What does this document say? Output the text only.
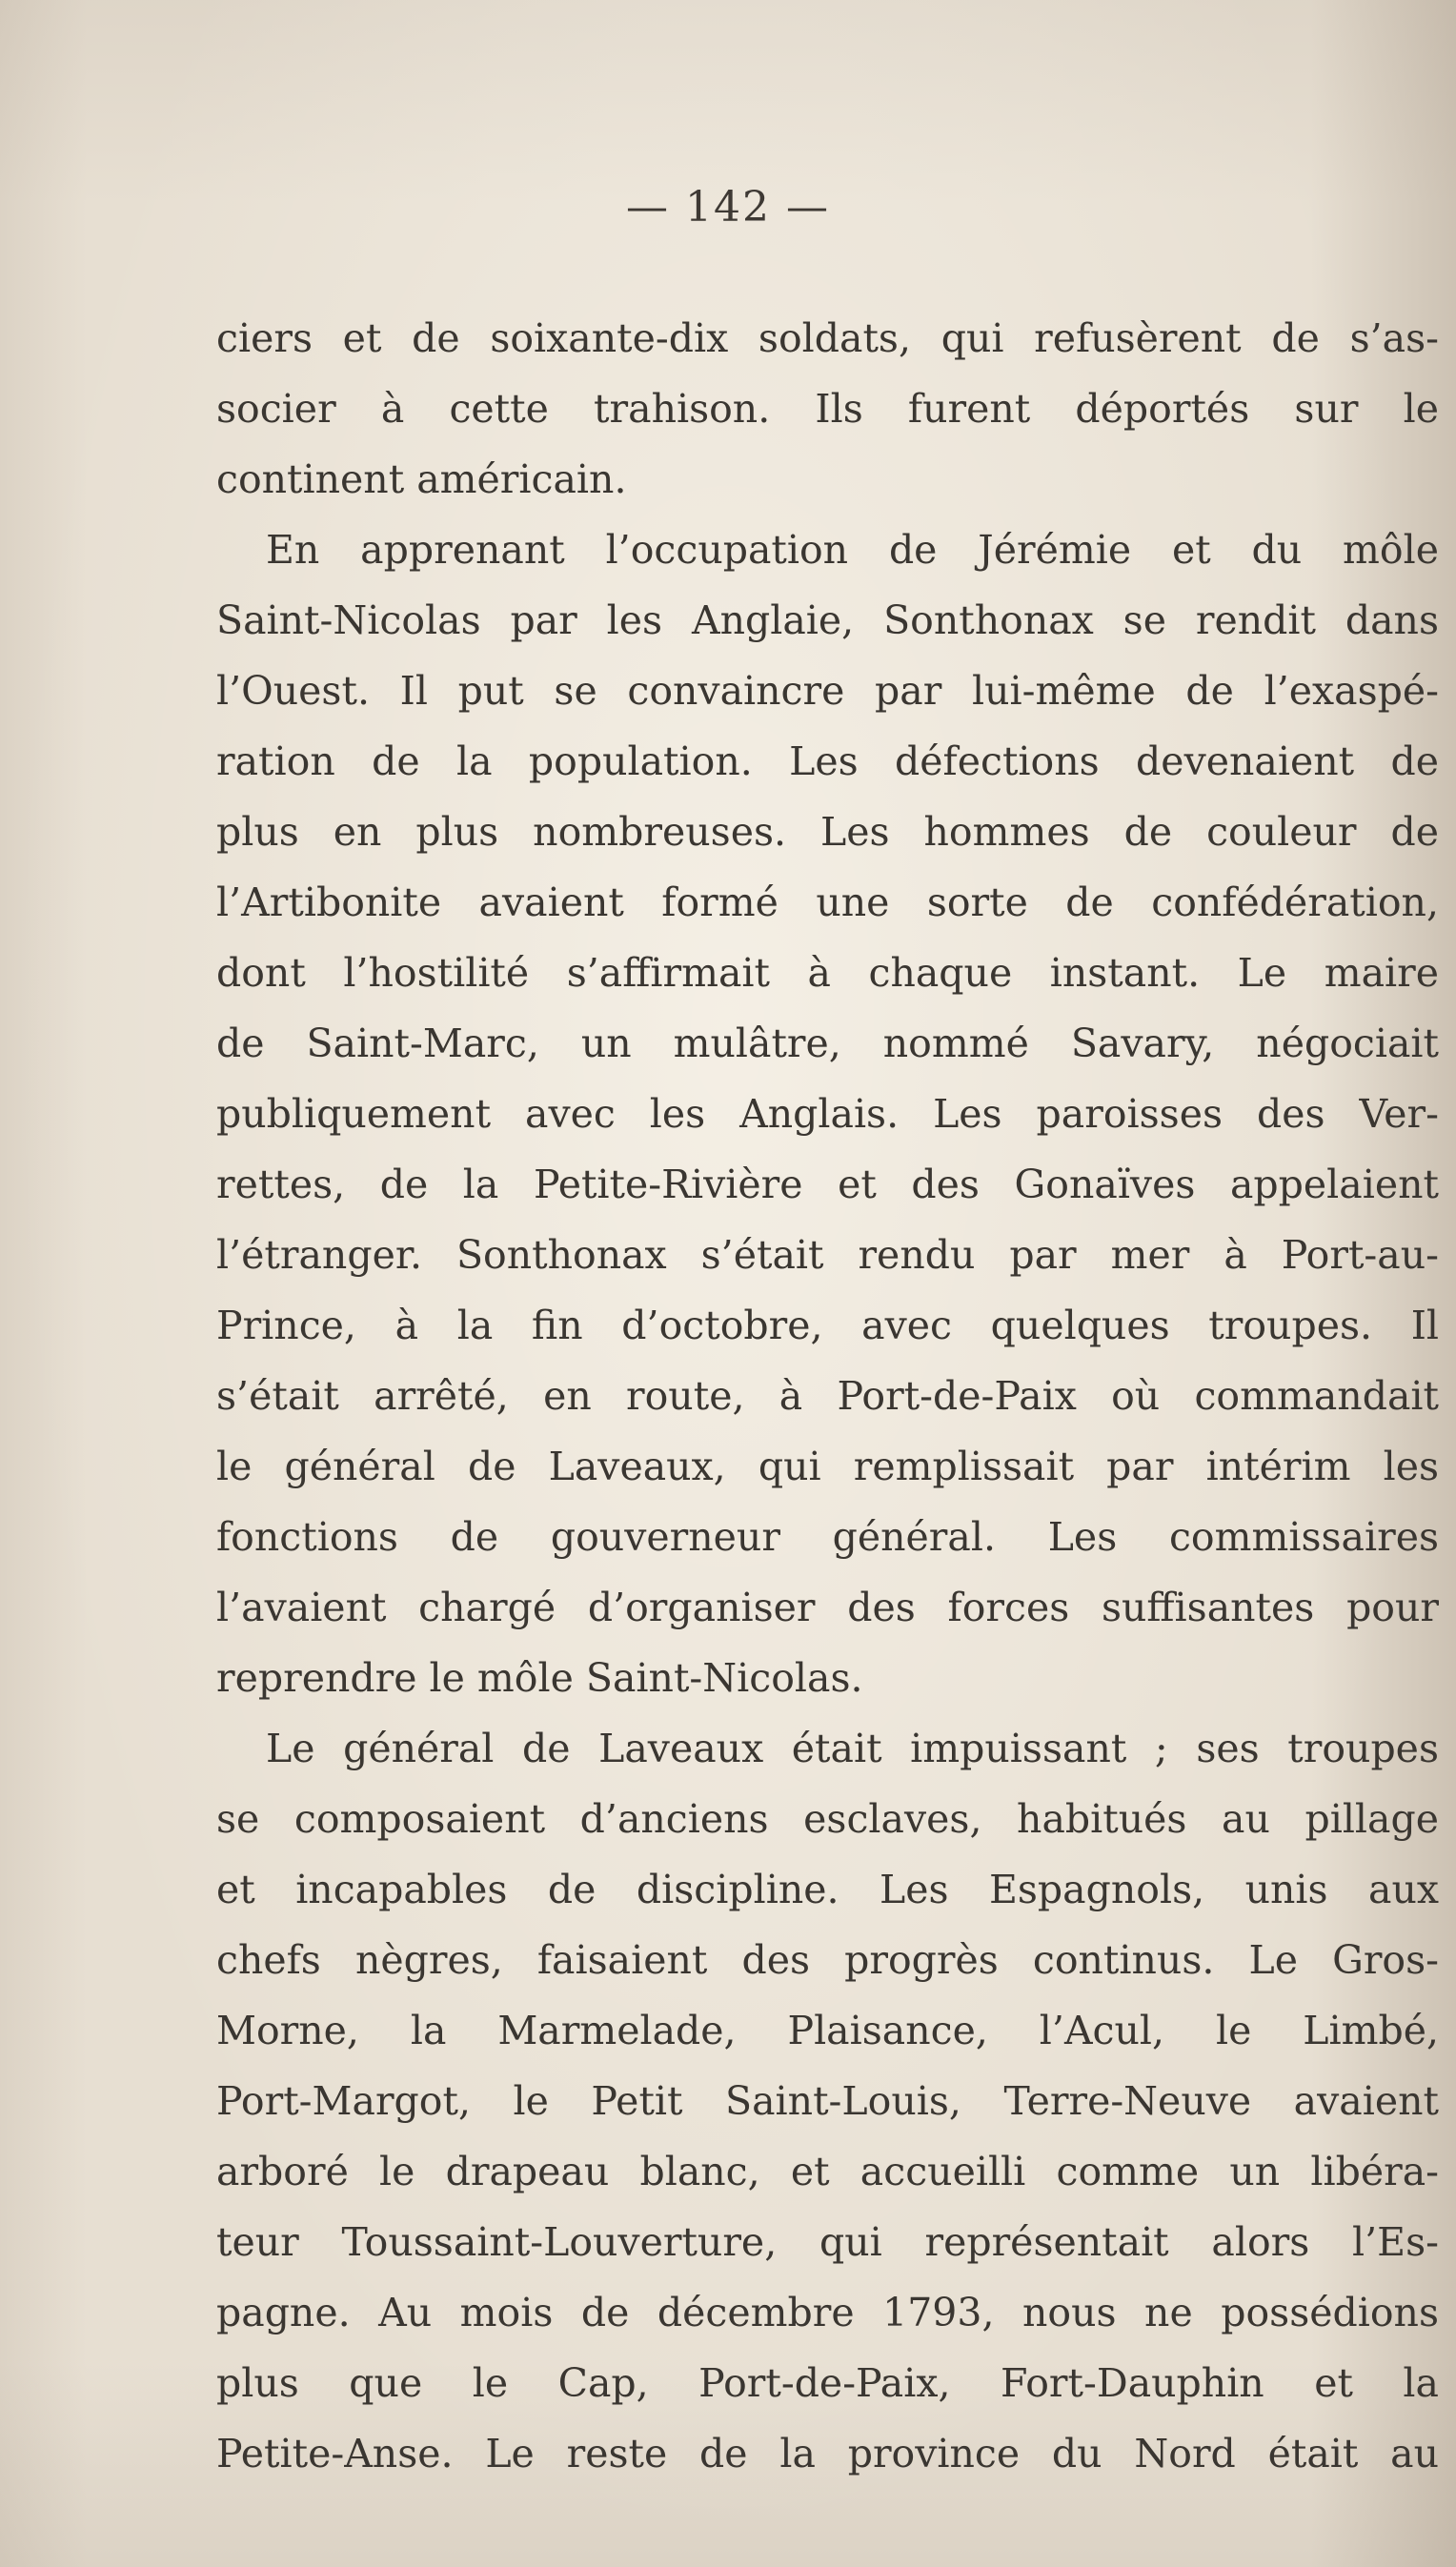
— 142 —

ciers et de soixante-dix soldats, qui refusèrent de s’as-
socier à cette trahison. Ils furent déportés sur le
continent américain.

En apprenant l’occupation de Jérémie et du môle
Saint-Nicolas par les Anglaie, Sonthonax se rendit dans
l’Ouest. Il put se convaincre par lui-même de l’exaspé-
ration de la population. Les défections devenaient de
plus en plus nombreuses. Les hommes de couleur de
l’Artibonite avaient formé une sorte de confédération,
dont l’hostilité s’affirmait à chaque instant. Le maire
de Saint-Marc, un mulâtre, nommé Savary, négociait
publiquement avec les Anglais. Les paroisses des Ver-
rettes, de la Petite-Rivière et des Gonaïves appelaient
l’étranger. Sonthonax s’était rendu par mer à Port-au-
Prince, à la fin d’octobre, avec quelques troupes. Il
s’était arrêté, en route, à Port-de-Paix où commandait
le général de Laveaux, qui remplissait par intérim les
fonctions de gouverneur général. Les commissaires
l’avaient chargé d’organiser des forces suffisantes pour
reprendre le môle Saint-Nicolas.

Le général de Laveaux était impuissant ; ses troupes
se composaient d’anciens esclaves, habitués au pillage
et incapables de discipline. Les Espagnols, unis aux
chefs nègres, faisaient des progrès continus. Le Gros-
Morne, la Marmelade, Plaisance, l’Acul, le Limbé,
Port-Margot, le Petit Saint-Louis, Terre-Neuve avaient
arboré le drapeau blanc, et accueilli comme un libéra-
teur Toussaint-Louverture, qui représentait alors l’Es-
pagne. Au mois de décembre 1793, nous ne possédions
plus que le Cap, Port-de-Paix, Fort-Dauphin et la
Petite-Anse. Le reste de la province du Nord était au
